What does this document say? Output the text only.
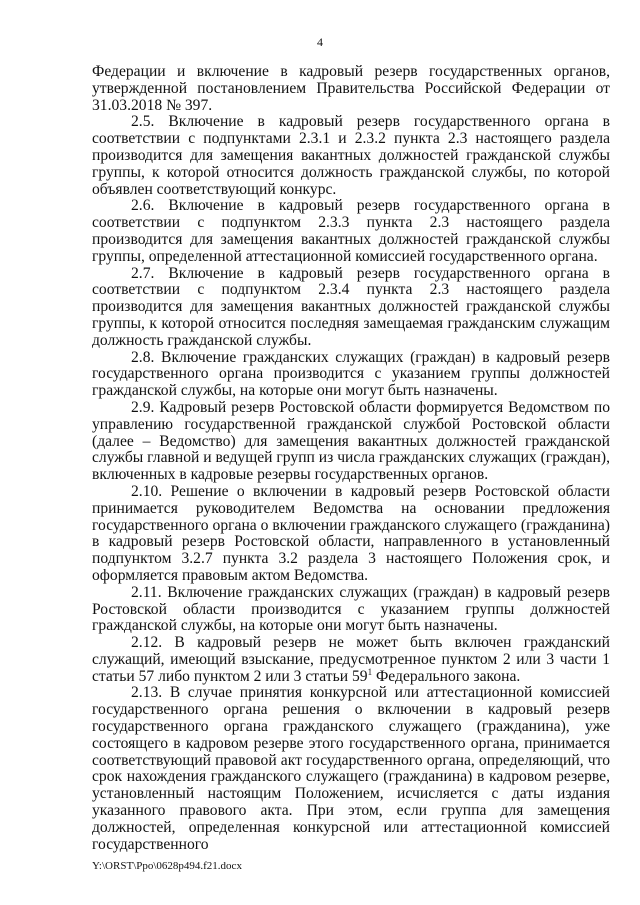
4

Федерации и включение в кадровый резерв государственных органов, утвержденной постановлением Правительства Российской Федерации от 31.03.2018 № 397.

2.5. Включение в кадровый резерв государственного органа в соответствии с подпунктами 2.3.1 и 2.3.2 пункта 2.3 настоящего раздела производится для замещения вакантных должностей гражданской службы группы, к которой относится должность гражданской службы, по которой объявлен соответствующий конкурс.

2.6. Включение в кадровый резерв государственного органа в соответствии с подпунктом 2.3.3 пункта 2.3 настоящего раздела производится для замещения вакантных должностей гражданской службы группы, определенной аттестационной комиссией государственного органа.

2.7. Включение в кадровый резерв государственного органа в соответствии с подпунктом 2.3.4 пункта 2.3 настоящего раздела производится для замещения вакантных должностей гражданской службы группы, к которой относится последняя замещаемая гражданским служащим должность гражданской службы.

2.8. Включение гражданских служащих (граждан) в кадровый резерв государственного органа производится с указанием группы должностей гражданской службы, на которые они могут быть назначены.

2.9. Кадровый резерв Ростовской области формируется Ведомством по управлению государственной гражданской службой Ростовской области (далее – Ведомство) для замещения вакантных должностей гражданской службы главной и ведущей групп из числа гражданских служащих (граждан), включенных в кадровые резервы государственных органов.

2.10. Решение о включении в кадровый резерв Ростовской области принимается руководителем Ведомства на основании предложения государственного органа о включении гражданского служащего (гражданина) в кадровый резерв Ростовской области, направленного в установленный подпунктом 3.2.7 пункта 3.2 раздела 3 настоящего Положения срок, и оформляется правовым актом Ведомства.

2.11. Включение гражданских служащих (граждан) в кадровый резерв Ростовской области производится с указанием группы должностей гражданской службы, на которые они могут быть назначены.

2.12. В кадровый резерв не может быть включен гражданский служащий, имеющий взыскание, предусмотренное пунктом 2 или 3 части 1 статьи 57 либо пунктом 2 или 3 статьи $59^1$ Федерального закона.

2.13. В случае принятия конкурсной или аттестационной комиссией государственного органа решения о включении в кадровый резерв государственного органа гражданского служащего (гражданина), уже состоящего в кадровом резерве этого государственного органа, принимается соответствующий правовой акт государственного органа, определяющий, что срок нахождения гражданского служащего (гражданина) в кадровом резерве, установленный настоящим Положением, исчисляется с даты издания указанного правового акта. При этом, если группа для замещения должностей, определенная конкурсной или аттестационной комиссией государственного

Y:\ORST\Ppo\0628p494.f21.docx
